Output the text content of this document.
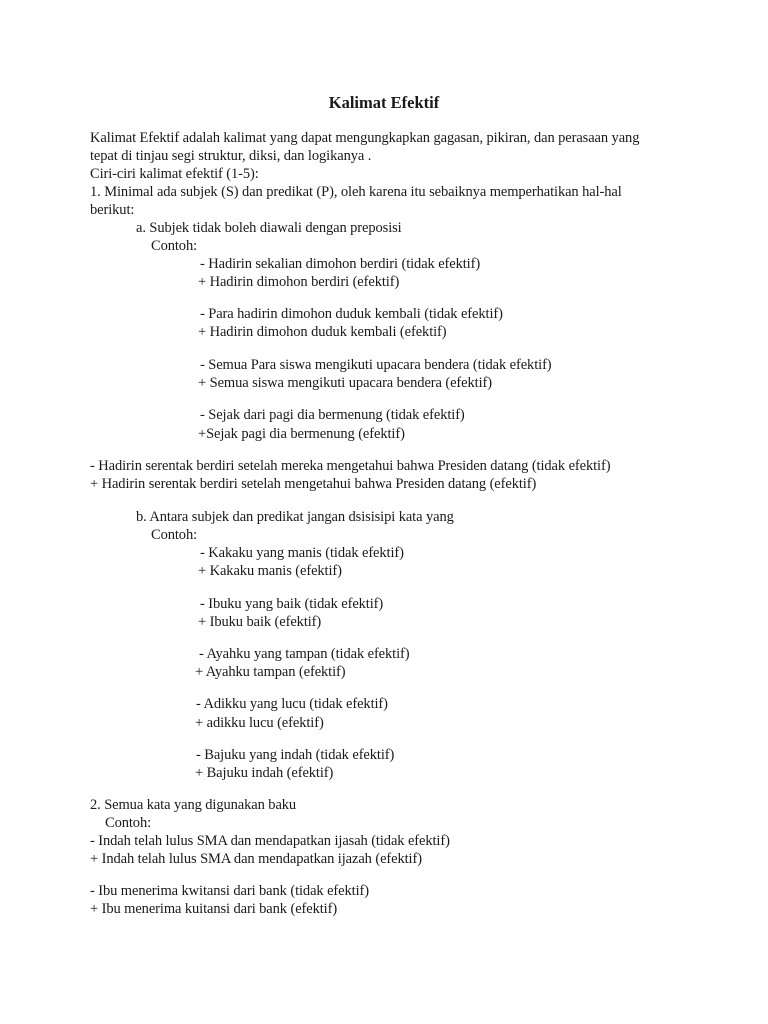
Kalimat Efektif
Kalimat Efektif adalah kalimat yang dapat mengungkapkan gagasan, pikiran, dan perasaan yang
tepat di tinjau segi struktur, diksi, dan logikanya .
Ciri-ciri kalimat efektif (1-5):
1. Minimal ada subjek (S) dan predikat (P), oleh karena itu sebaiknya memperhatikan hal-hal
berikut:
a. Subjek tidak boleh diawali dengan preposisi
Contoh:
- Hadirin sekalian dimohon berdiri (tidak efektif)
+ Hadirin dimohon berdiri (efektif)
- Para hadirin dimohon duduk kembali (tidak efektif)
+ Hadirin dimohon duduk kembali (efektif)
- Semua Para siswa mengikuti upacara bendera (tidak efektif)
+ Semua siswa mengikuti upacara bendera (efektif)
- Sejak dari pagi dia bermenung (tidak efektif)
+Sejak pagi dia bermenung (efektif)
- Hadirin serentak berdiri setelah mereka mengetahui bahwa Presiden datang (tidak efektif)
+ Hadirin serentak berdiri setelah mengetahui bahwa Presiden datang (efektif)
b. Antara subjek dan predikat jangan dsisisipi kata yang
Contoh:
- Kakaku yang manis (tidak efektif)
+ Kakaku manis (efektif)
- Ibuku yang baik (tidak efektif)
+ Ibuku baik (efektif)
- Ayahku yang tampan (tidak efektif)
+ Ayahku tampan (efektif)
- Adikku yang lucu (tidak efektif)
+ adikku lucu (efektif)
- Bajuku yang indah (tidak efektif)
+ Bajuku indah (efektif)
2. Semua kata yang digunakan baku
Contoh:
- Indah telah lulus SMA dan mendapatkan ijasah (tidak efektif)
+ Indah telah lulus SMA dan mendapatkan ijazah (efektif)
- Ibu menerima kwitansi dari bank (tidak efektif)
+ Ibu menerima kuitansi dari bank (efektif)
